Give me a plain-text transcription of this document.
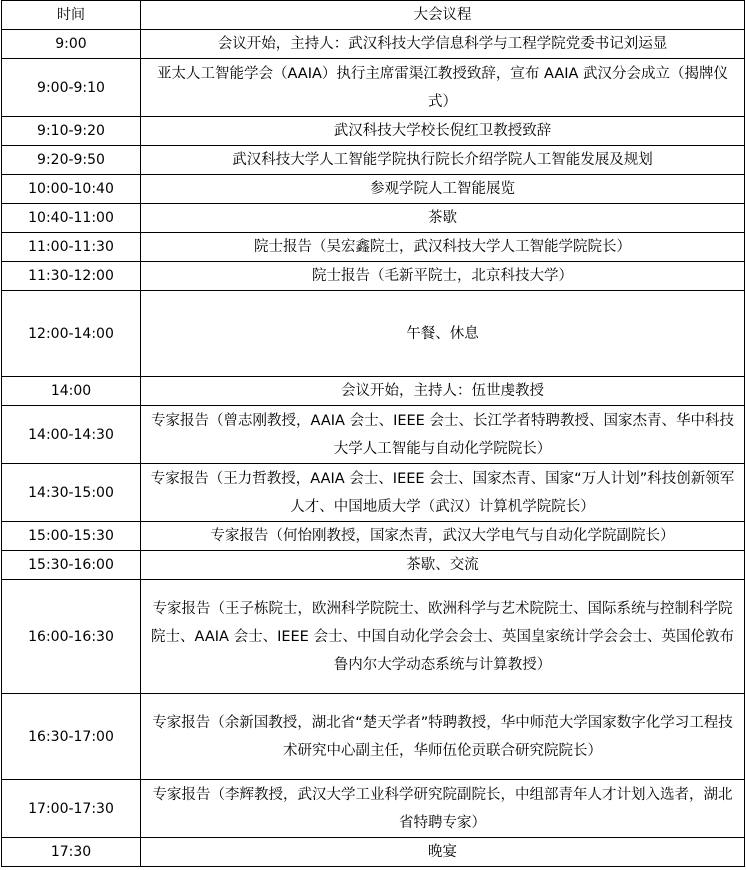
时间	大会议程
9:00	会议开始，主持人：武汉科技大学信息科学与工程学院党委书记刘运显
9:00-9:10	亚太人工智能学会（AAIA）执行主席雷渠江教授致辞，宣布 AAIA 武汉分会成立（揭牌仪式）
9:10-9:20	武汉科技大学校长倪红卫教授致辞
9:20-9:50	武汉科技大学人工智能学院执行院长介绍学院人工智能发展及规划
10:00-10:40	参观学院人工智能展览
10:40-11:00	茶歇
11:00-11:30	院士报告（吴宏鑫院士，武汉科技大学人工智能学院院长）
11:30-12:00	院士报告（毛新平院士，北京科技大学）
12:00-14:00	午餐、休息
14:00	会议开始，主持人：伍世虔教授
14:00-14:30	专家报告（曾志刚教授，AAIA 会士、IEEE 会士、长江学者特聘教授、国家杰青、华中科技大学人工智能与自动化学院院长）
14:30-15:00	专家报告（王力哲教授，AAIA 会士、IEEE 会士、国家杰青、国家“万人计划”科技创新领军人才、中国地质大学（武汉）计算机学院院长）
15:00-15:30	专家报告（何怡刚教授，国家杰青，武汉大学电气与自动化学院副院长）
15:30-16:00	茶歇、交流
16:00-16:30	专家报告（王子栋院士，欧洲科学院院士、欧洲科学与艺术院院士、国际系统与控制科学院院士、AAIA 会士、IEEE 会士、中国自动化学会会士、英国皇家统计学会会士、英国伦敦布鲁内尔大学动态系统与计算教授）
16:30-17:00	专家报告（余新国教授，湖北省“楚天学者”特聘教授，华中师范大学国家数字化学习工程技术研究中心副主任，华师伍伦贡联合研究院院长）
17:00-17:30	专家报告（李辉教授，武汉大学工业科学研究院副院长，中组部青年人才计划入选者，湖北省特聘专家）
17:30	晚宴
